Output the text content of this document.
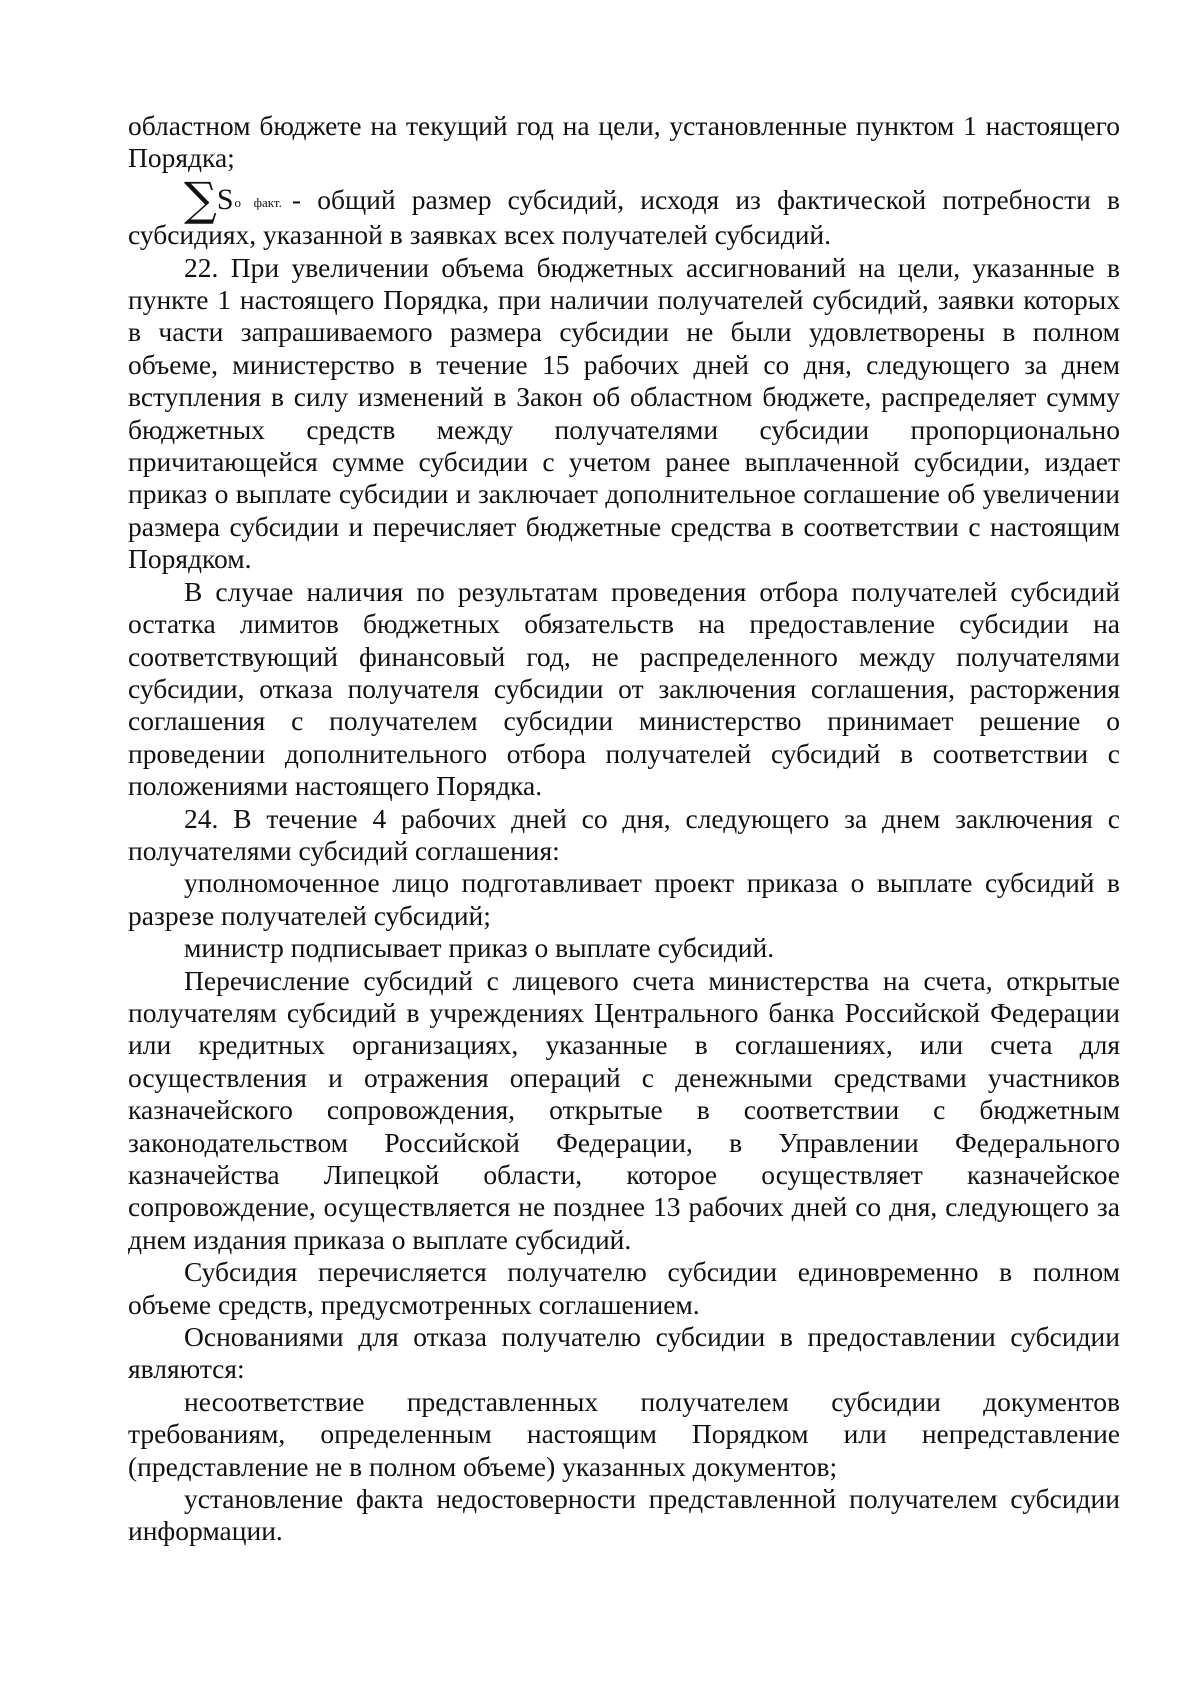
областном бюджете на текущий год на цели, установленные пунктом 1 настоящего Порядка;

∑Sо факт. - общий размер субсидий, исходя из фактической потребности в субсидиях, указанной в заявках всех получателей субсидий.

22. При увеличении объема бюджетных ассигнований на цели, указанные в пункте 1 настоящего Порядка, при наличии получателей субсидий, заявки которых в части запрашиваемого размера субсидии не были удовлетворены в полном объеме, министерство в течение 15 рабочих дней со дня, следующего за днем вступления в силу изменений в Закон об областном бюджете, распределяет сумму бюджетных средств между получателями субсидии пропорционально причитающейся сумме субсидии с учетом ранее выплаченной субсидии, издает приказ о выплате субсидии и заключает дополнительное соглашение об увеличении размера субсидии и перечисляет бюджетные средства в соответствии с настоящим Порядком.

В случае наличия по результатам проведения отбора получателей субсидий остатка лимитов бюджетных обязательств на предоставление субсидии на соответствующий финансовый год, не распределенного между получателями субсидии, отказа получателя субсидии от заключения соглашения, расторжения соглашения с получателем субсидии министерство принимает решение о проведении дополнительного отбора получателей субсидий в соответствии с положениями настоящего Порядка.

24. В течение 4 рабочих дней со дня, следующего за днем заключения с получателями субсидий соглашения:

уполномоченное лицо подготавливает проект приказа о выплате субсидий в разрезе получателей субсидий;

министр подписывает приказ о выплате субсидий.

Перечисление субсидий с лицевого счета министерства на счета, открытые получателям субсидий в учреждениях Центрального банка Российской Федерации или кредитных организациях, указанные в соглашениях, или счета для осуществления и отражения операций с денежными средствами участников казначейского сопровождения, открытые в соответствии с бюджетным законодательством Российской Федерации, в Управлении Федерального казначейства Липецкой области, которое осуществляет казначейское сопровождение, осуществляется не позднее 13 рабочих дней со дня, следующего за днем издания приказа о выплате субсидий.

Субсидия перечисляется получателю субсидии единовременно в полном объеме средств, предусмотренных соглашением.

Основаниями для отказа получателю субсидии в предоставлении субсидии являются:

несоответствие представленных получателем субсидии документов требованиям, определенным настоящим Порядком или непредставление (представление не в полном объеме) указанных документов;

установление факта недостоверности представленной получателем субсидии информации.
